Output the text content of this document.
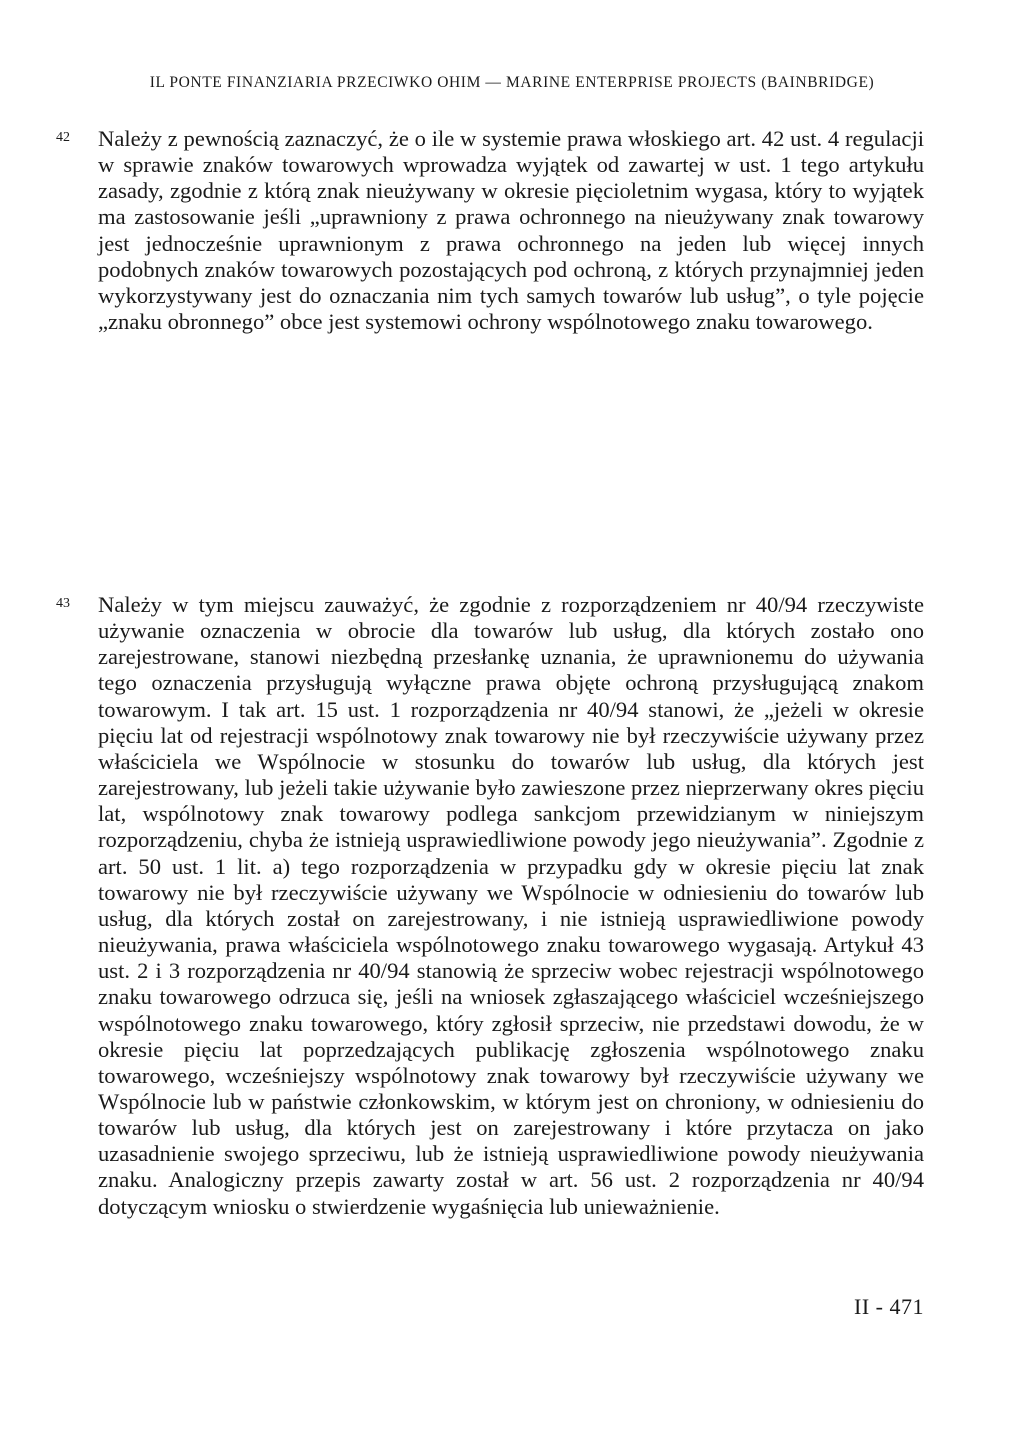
IL PONTE FINANZIARIA PRZECIWKO OHIM — MARINE ENTERPRISE PROJECTS (BAINBRIDGE)
42 Należy z pewnością zaznaczyć, że o ile w systemie prawa włoskiego art. 42 ust. 4 regulacji w sprawie znaków towarowych wprowadza wyjątek od zawartej w ust. 1 tego artykułu zasady, zgodnie z którą znak nieużywany w okresie pięcioletnim wygasa, który to wyjątek ma zastosowanie jeśli „uprawniony z prawa ochronnego na nieużywany znak towarowy jest jednocześnie uprawnionym z prawa ochronnego na jeden lub więcej innych podobnych znaków towarowych pozostających pod ochroną, z których przynajmniej jeden wykorzystywany jest do oznaczania nim tych samych towarów lub usług”, o tyle pojęcie „znaku obronnego” obce jest systemowi ochrony wspólnotowego znaku towarowego.
43 Należy w tym miejscu zauważyć, że zgodnie z rozporządzeniem nr 40/94 rzeczywiste używanie oznaczenia w obrocie dla towarów lub usług, dla których zostało ono zarejestrowane, stanowi niezbędną przesłankę uznania, że uprawnionemu do używania tego oznaczenia przysługują wyłączne prawa objęte ochroną przysługującą znakom towarowym. I tak art. 15 ust. 1 rozporządzenia nr 40/94 stanowi, że „jeżeli w okresie pięciu lat od rejestracji wspólnotowy znak towarowy nie był rzeczywiście używany przez właściciela we Wspólnocie w stosunku do towarów lub usług, dla których jest zarejestrowany, lub jeżeli takie używanie było zawieszone przez nieprzerwany okres pięciu lat, wspólnotowy znak towarowy podlega sankcjom przewidzianym w niniejszym rozporządzeniu, chyba że istnieją usprawiedliwione powody jego nieużywania”. Zgodnie z art. 50 ust. 1 lit. a) tego rozporządzenia w przypadku gdy w okresie pięciu lat znak towarowy nie był rzeczywiście używany we Wspólnocie w odniesieniu do towarów lub usług, dla których został on zarejestrowany, i nie istnieją usprawiedliwione powody nieużywania, prawa właściciela wspólnotowego znaku towarowego wygasają. Artykuł 43 ust. 2 i 3 rozporządzenia nr 40/94 stanowią że sprzeciw wobec rejestracji wspólnotowego znaku towarowego odrzuca się, jeśli na wniosek zgłaszającego właściciel wcześniejszego wspólnotowego znaku towarowego, który zgłosił sprzeciw, nie przedstawi dowodu, że w okresie pięciu lat poprzedzających publikację zgłoszenia wspólnotowego znaku towarowego, wcześniejszy wspólnotowy znak towarowy był rzeczywiście używany we Wspólnocie lub w państwie członkowskim, w którym jest on chroniony, w odniesieniu do towarów lub usług, dla których jest on zarejestrowany i które przytacza on jako uzasadnienie swojego sprzeciwu, lub że istnieją usprawiedliwione powody nieużywania znaku. Analogiczny przepis zawarty został w art. 56 ust. 2 rozporządzenia nr 40/94 dotyczącym wniosku o stwierdzenie wygaśnięcia lub unieważnienie.
II - 471
